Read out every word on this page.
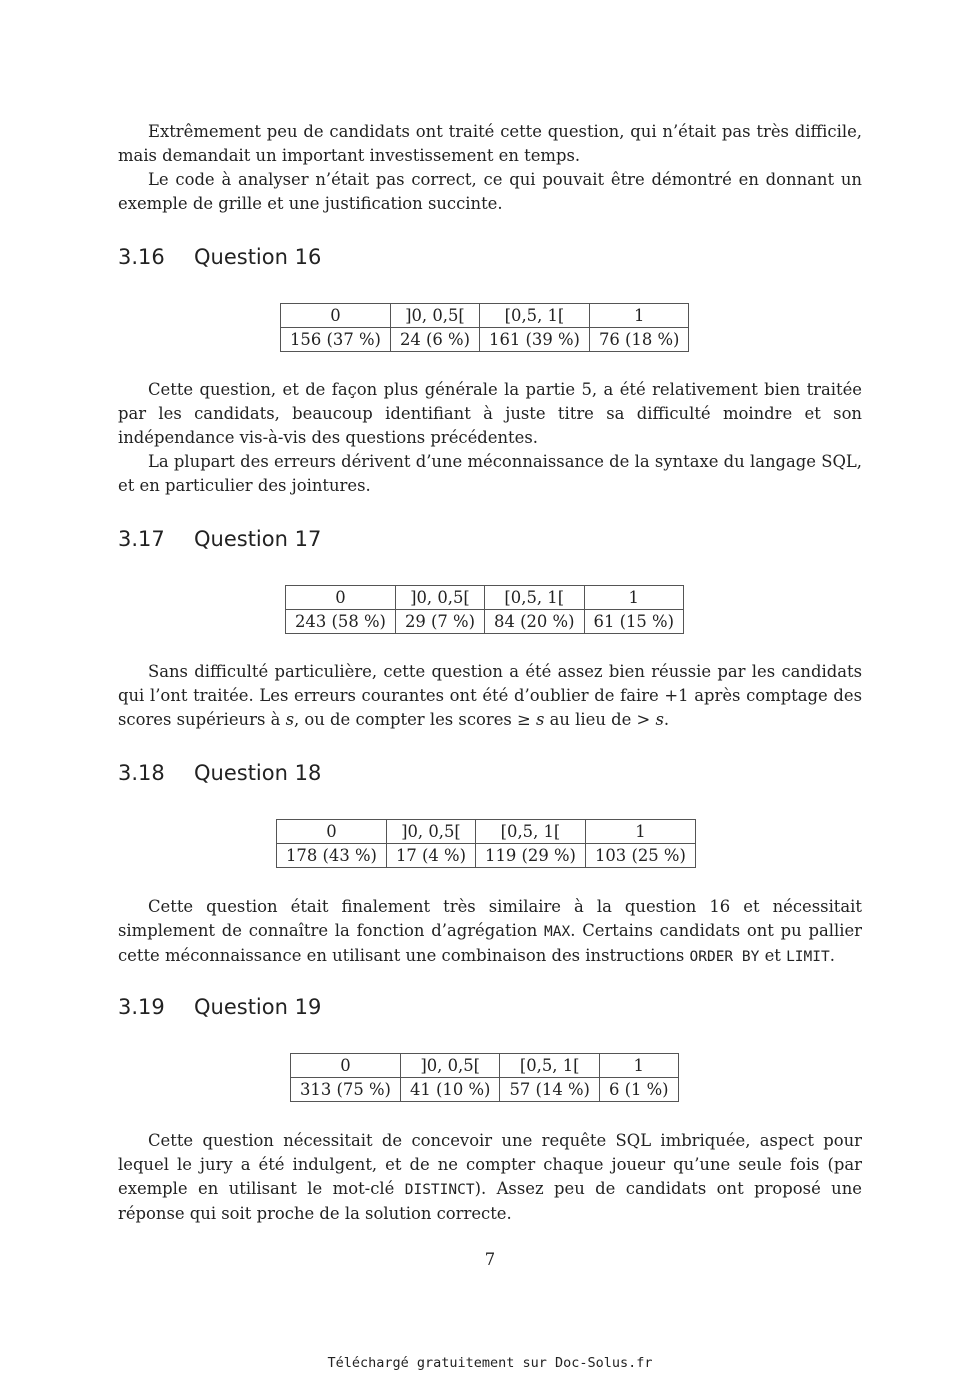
Extrêmement peu de candidats ont traité cette question, qui n’était pas très difficile, mais demandait un important investissement en temps.
Le code à analyser n’était pas correct, ce qui pouvait être démontré en donnant un exemple de grille et une justification succinte.

3.16 Question 16
0	]0, 0,5[	[0,5, 1[	1
156 (37 %)	24 (6 %)	161 (39 %)	76 (18 %)

Cette question, et de façon plus générale la partie 5, a été relativement bien traitée par les candidats, beaucoup identifiant à juste titre sa difficulté moindre et son indépendance vis-à-vis des questions précédentes.
La plupart des erreurs dérivent d’une méconnaissance de la syntaxe du langage SQL, et en particulier des jointures.

3.17 Question 17
0	]0, 0,5[	[0,5, 1[	1
243 (58 %)	29 (7 %)	84 (20 %)	61 (15 %)

Sans difficulté particulière, cette question a été assez bien réussie par les candidats qui l’ont traitée. Les erreurs courantes ont été d’oublier de faire +1 après comptage des scores supérieurs à s, ou de compter les scores ≥ s au lieu de > s.

3.18 Question 18
0	]0, 0,5[	[0,5, 1[	1
178 (43 %)	17 (4 %)	119 (29 %)	103 (25 %)

Cette question était finalement très similaire à la question 16 et nécessitait simplement de connaître la fonction d’agrégation MAX. Certains candidats ont pu pallier cette méconnaissance en utilisant une combinaison des instructions ORDER BY et LIMIT.

3.19 Question 19
0	]0, 0,5[	[0,5, 1[	1
313 (75 %)	41 (10 %)	57 (14 %)	6 (1 %)

Cette question nécessitait de concevoir une requête SQL imbriquée, aspect pour lequel le jury a été indulgent, et de ne compter chaque joueur qu’une seule fois (par exemple en utilisant le mot-clé DISTINCT). Assez peu de candidats ont proposé une réponse qui soit proche de la solution correcte.

7
Téléchargé gratuitement sur Doc-Solus.fr
